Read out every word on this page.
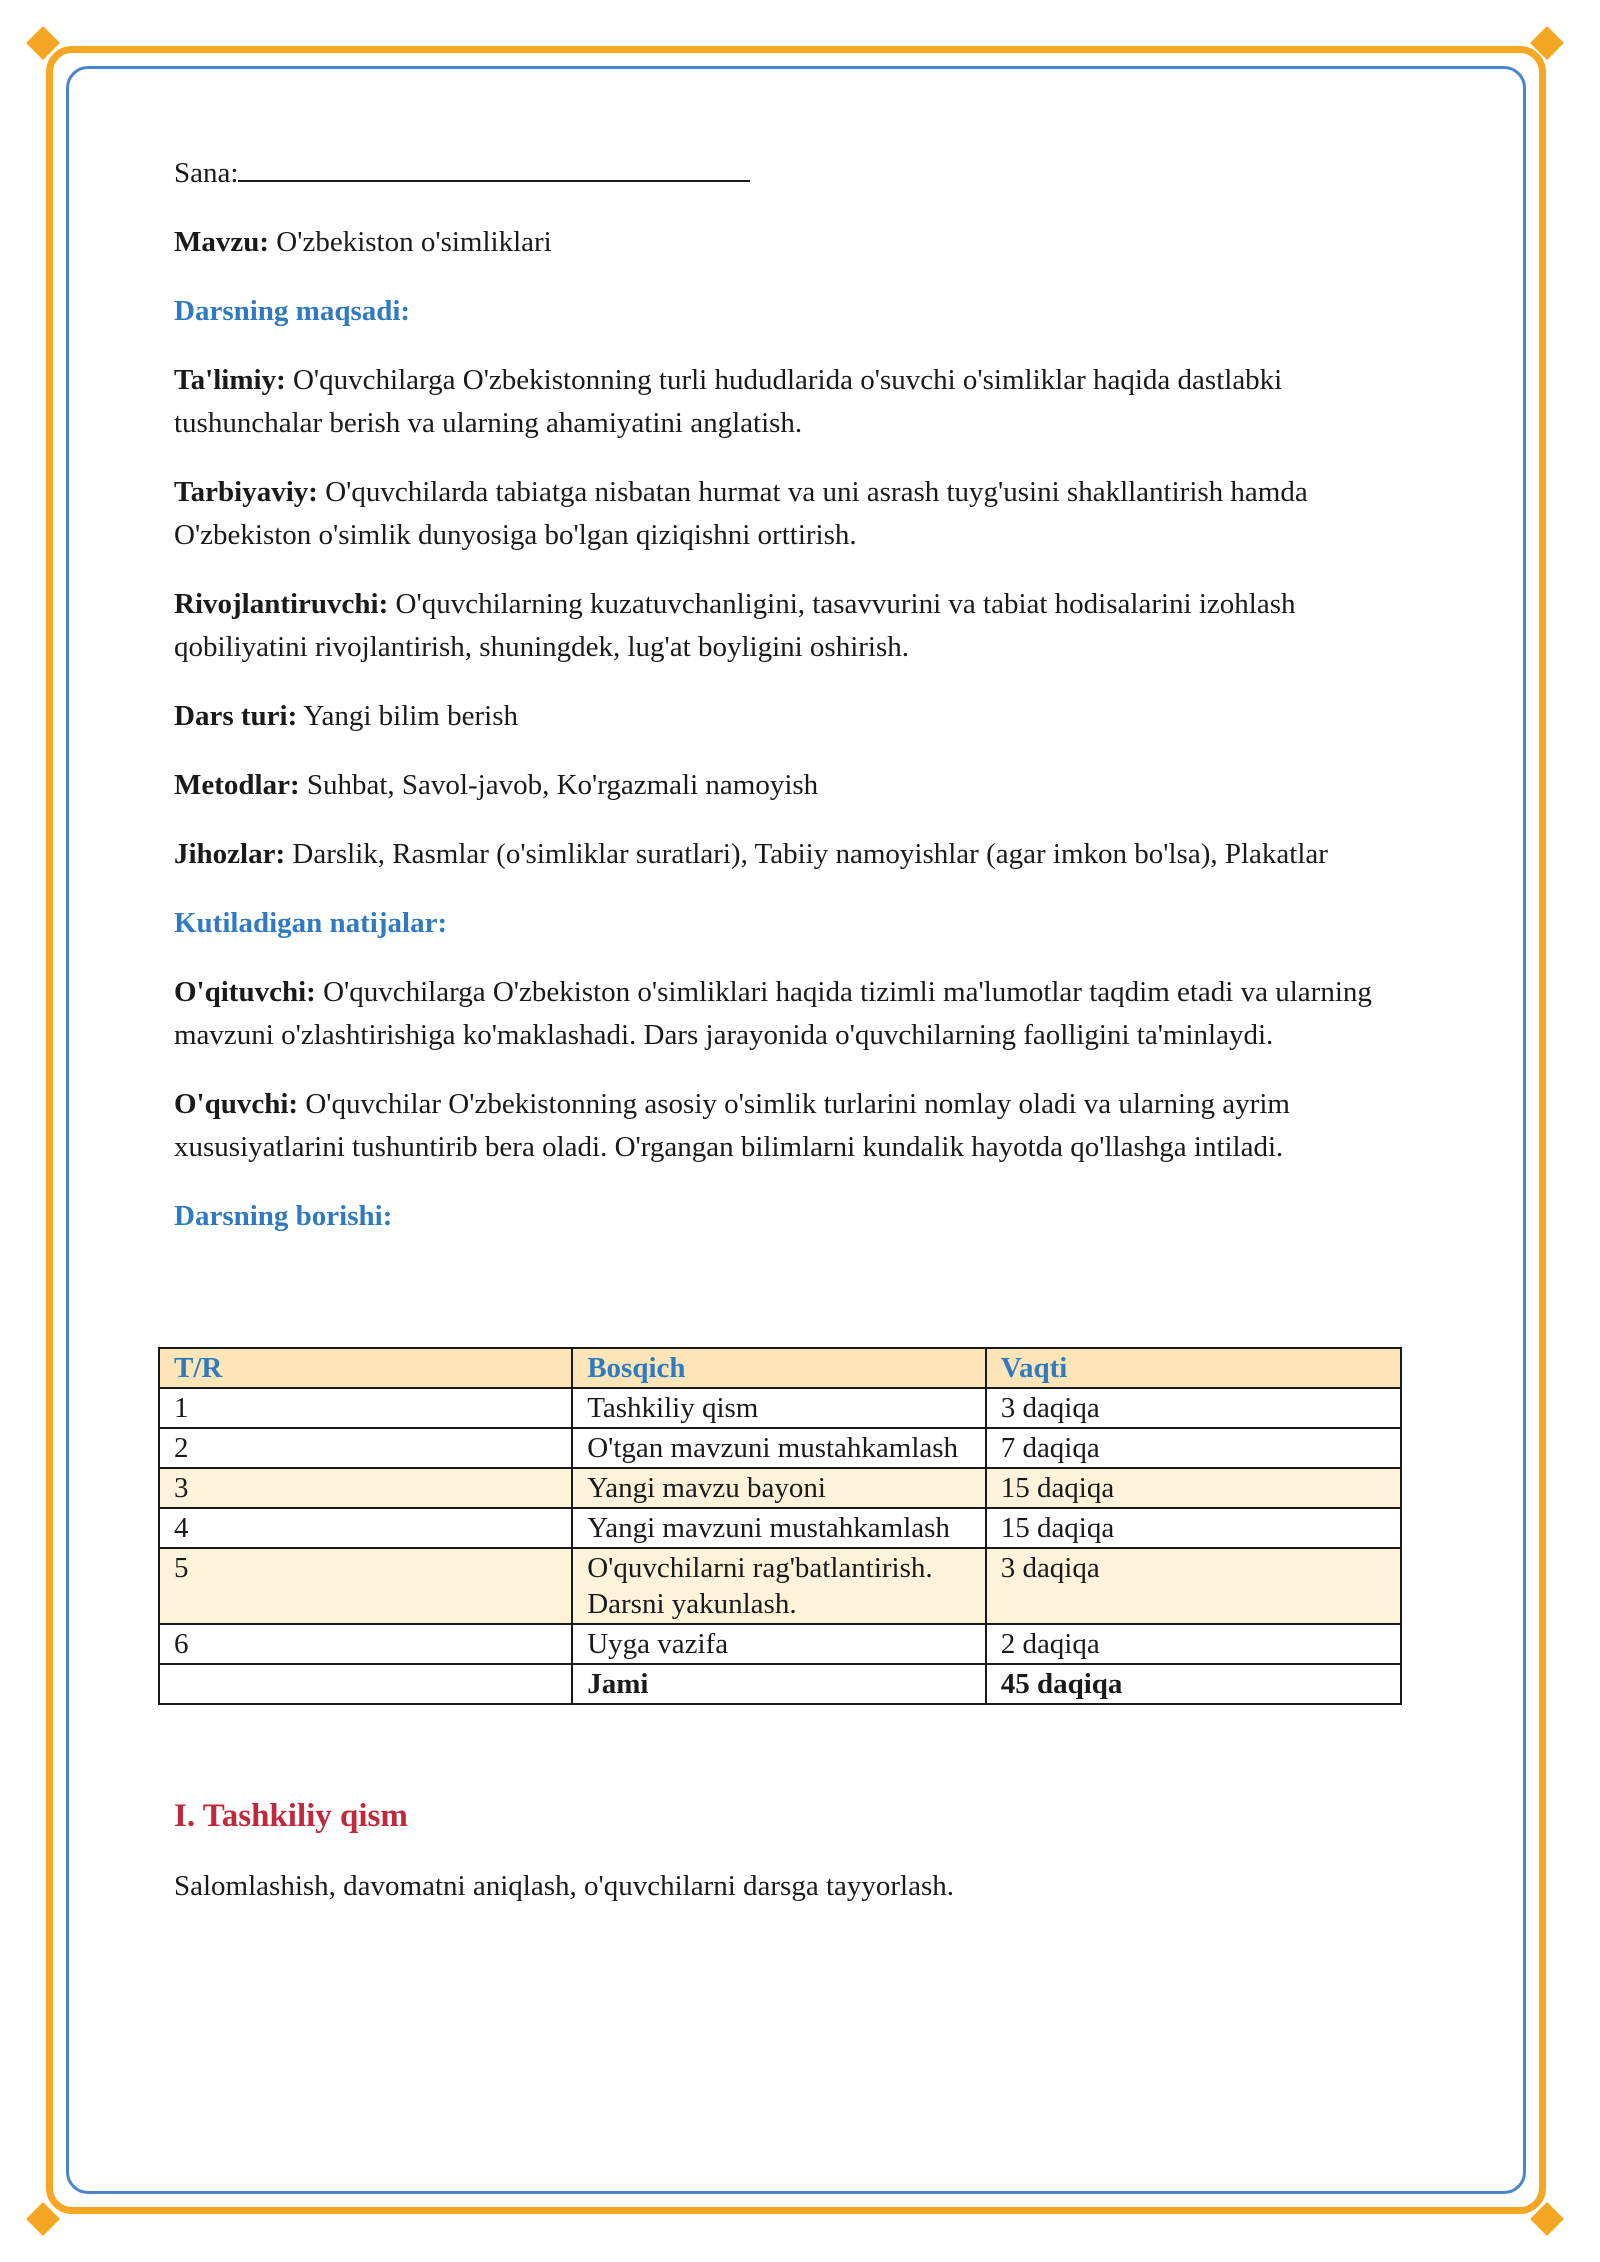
Sana:

Mavzu: O'zbekiston o'simliklari

Darsning maqsadi:

Ta'limiy: O'quvchilarga O'zbekistonning turli hududlarida o'suvchi o'simliklar haqida dastlabki tushunchalar berish va ularning ahamiyatini anglatish.

Tarbiyaviy: O'quvchilarda tabiatga nisbatan hurmat va uni asrash tuyg'usini shakllantirish hamda O'zbekiston o'simlik dunyosiga bo'lgan qiziqishni orttirish.

Rivojlantiruvchi: O'quvchilarning kuzatuvchanligini, tasavvurini va tabiat hodisalarini izohlash qobiliyatini rivojlantirish, shuningdek, lug'at boyligini oshirish.

Dars turi: Yangi bilim berish

Metodlar: Suhbat, Savol-javob, Ko'rgazmali namoyish

Jihozlar: Darslik, Rasmlar (o'simliklar suratlari), Tabiiy namoyishlar (agar imkon bo'lsa), Plakatlar

Kutiladigan natijalar:

O'qituvchi: O'quvchilarga O'zbekiston o'simliklari haqida tizimli ma'lumotlar taqdim etadi va ularning mavzuni o'zlashtirishiga ko'maklashadi. Dars jarayonida o'quvchilarning faolligini ta'minlaydi.

O'quvchi: O'quvchilar O'zbekistonning asosiy o'simlik turlarini nomlay oladi va ularning ayrim xususiyatlarini tushuntirib bera oladi. O'rgangan bilimlarni kundalik hayotda qo'llashga intiladi.

Darsning borishi:

T/R	Bosqich	Vaqti
1	Tashkiliy qism	3 daqiqa
2	O'tgan mavzuni mustahkamlash	7 daqiqa
3	Yangi mavzu bayoni	15 daqiqa
4	Yangi mavzuni mustahkamlash	15 daqiqa
5	O'quvchilarni rag'batlantirish. Darsni yakunlash.	3 daqiqa
6	Uyga vazifa	2 daqiqa
	Jami	45 daqiqa
I. Tashkiliy qism

Salomlashish, davomatni aniqlash, o'quvchilarni darsga tayyorlash.
